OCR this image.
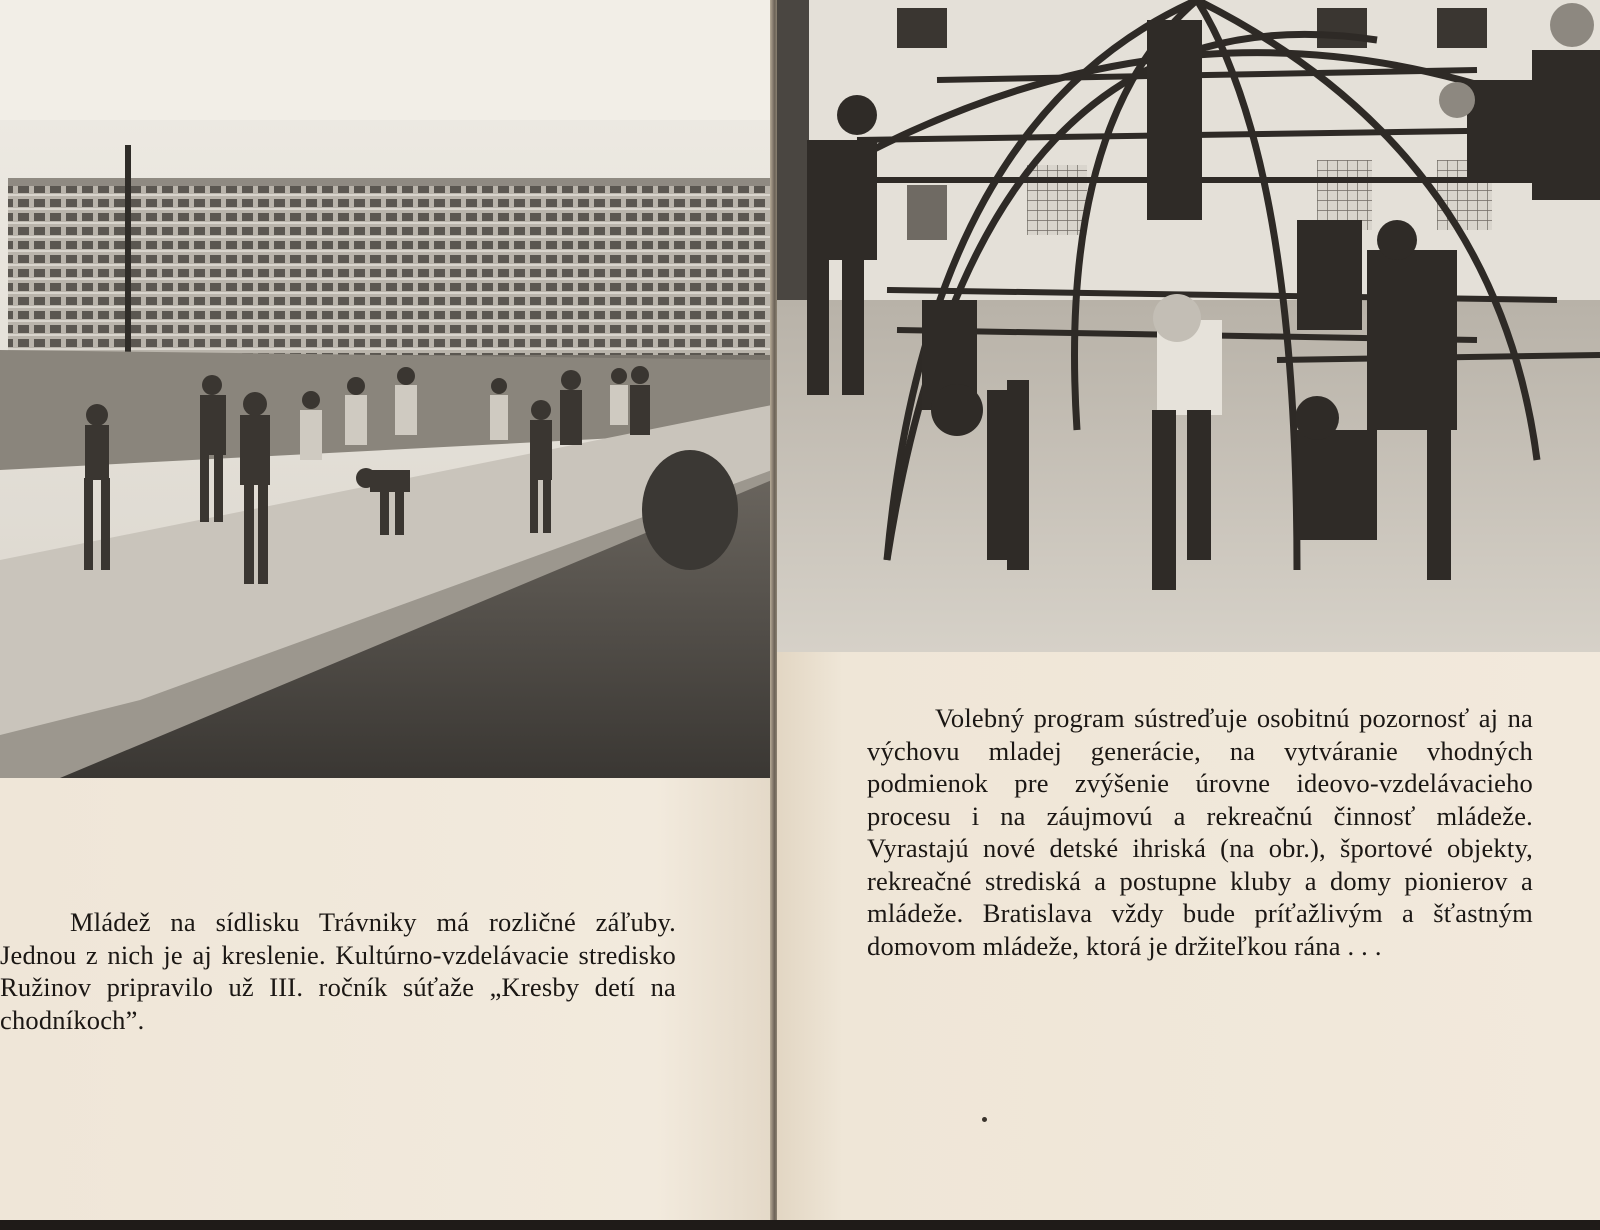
Mládež na sídlisku Trávniky má rozličné záľuby. Jednou z nich je aj kreslenie. Kultúrno-vzdelávacie stredisko Ružinov pripravilo už III. ročník súťaže „Kresby detí na chodníkoch”.

Volebný program sústreďuje osobitnú pozornosť aj na výchovu mladej generácie, na vytváranie vhodných podmienok pre zvýšenie úrovne ideovo-vzdelávacieho procesu i na záujmovú a rekreačnú činnosť mládeže. Vyrastajú nové detské ihriská (na obr.), športové objekty, rekreačné strediská a postupne kluby a domy pionierov a mládeže. Bratislava vždy bude príťažlivým a šťastným domovom mládeže, ktorá je držiteľkou rána . . .
